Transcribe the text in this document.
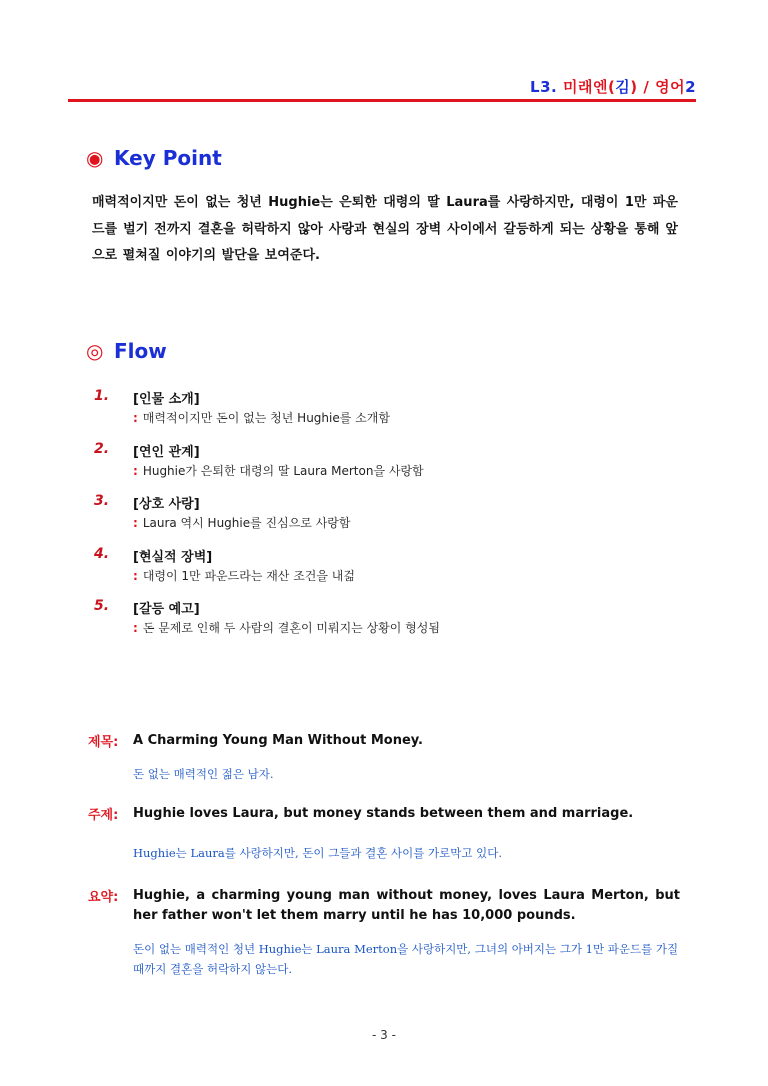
L3. 미래엔(김) / 영어2
◉ Key Point
매력적이지만 돈이 없는 청년 Hughie는 은퇴한 대령의 딸 Laura를 사랑하지만, 대령이 1만 파운드를 벌기 전까지 결혼을 허락하지 않아 사랑과 현실의 장벽 사이에서 갈등하게 되는 상황을 통해 앞으로 펼쳐질 이야기의 발단을 보여준다.
◎ Flow
1. [인물 소개]
: 매력적이지만 돈이 없는 청년 Hughie를 소개함
2. [연인 관계]
: Hughie가 은퇴한 대령의 딸 Laura Merton을 사랑함
3. [상호 사랑]
: Laura 역시 Hughie를 진심으로 사랑함
4. [현실적 장벽]
: 대령이 1만 파운드라는 재산 조건을 내걺
5. [갈등 예고]
: 돈 문제로 인해 두 사람의 결혼이 미뤄지는 상황이 형성됨
제목: A Charming Young Man Without Money.
돈 없는 매력적인 젊은 남자.
주제: Hughie loves Laura, but money stands between them and marriage.
Hughie는 Laura를 사랑하지만, 돈이 그들과 결혼 사이를 가로막고 있다.
요약: Hughie, a charming young man without money, loves Laura Merton, but her father won't let them marry until he has 10,000 pounds.
돈이 없는 매력적인 청년 Hughie는 Laura Merton을 사랑하지만, 그녀의 아버지는 그가 1만 파운드를 가질 때까지 결혼을 허락하지 않는다.
- 3 -
